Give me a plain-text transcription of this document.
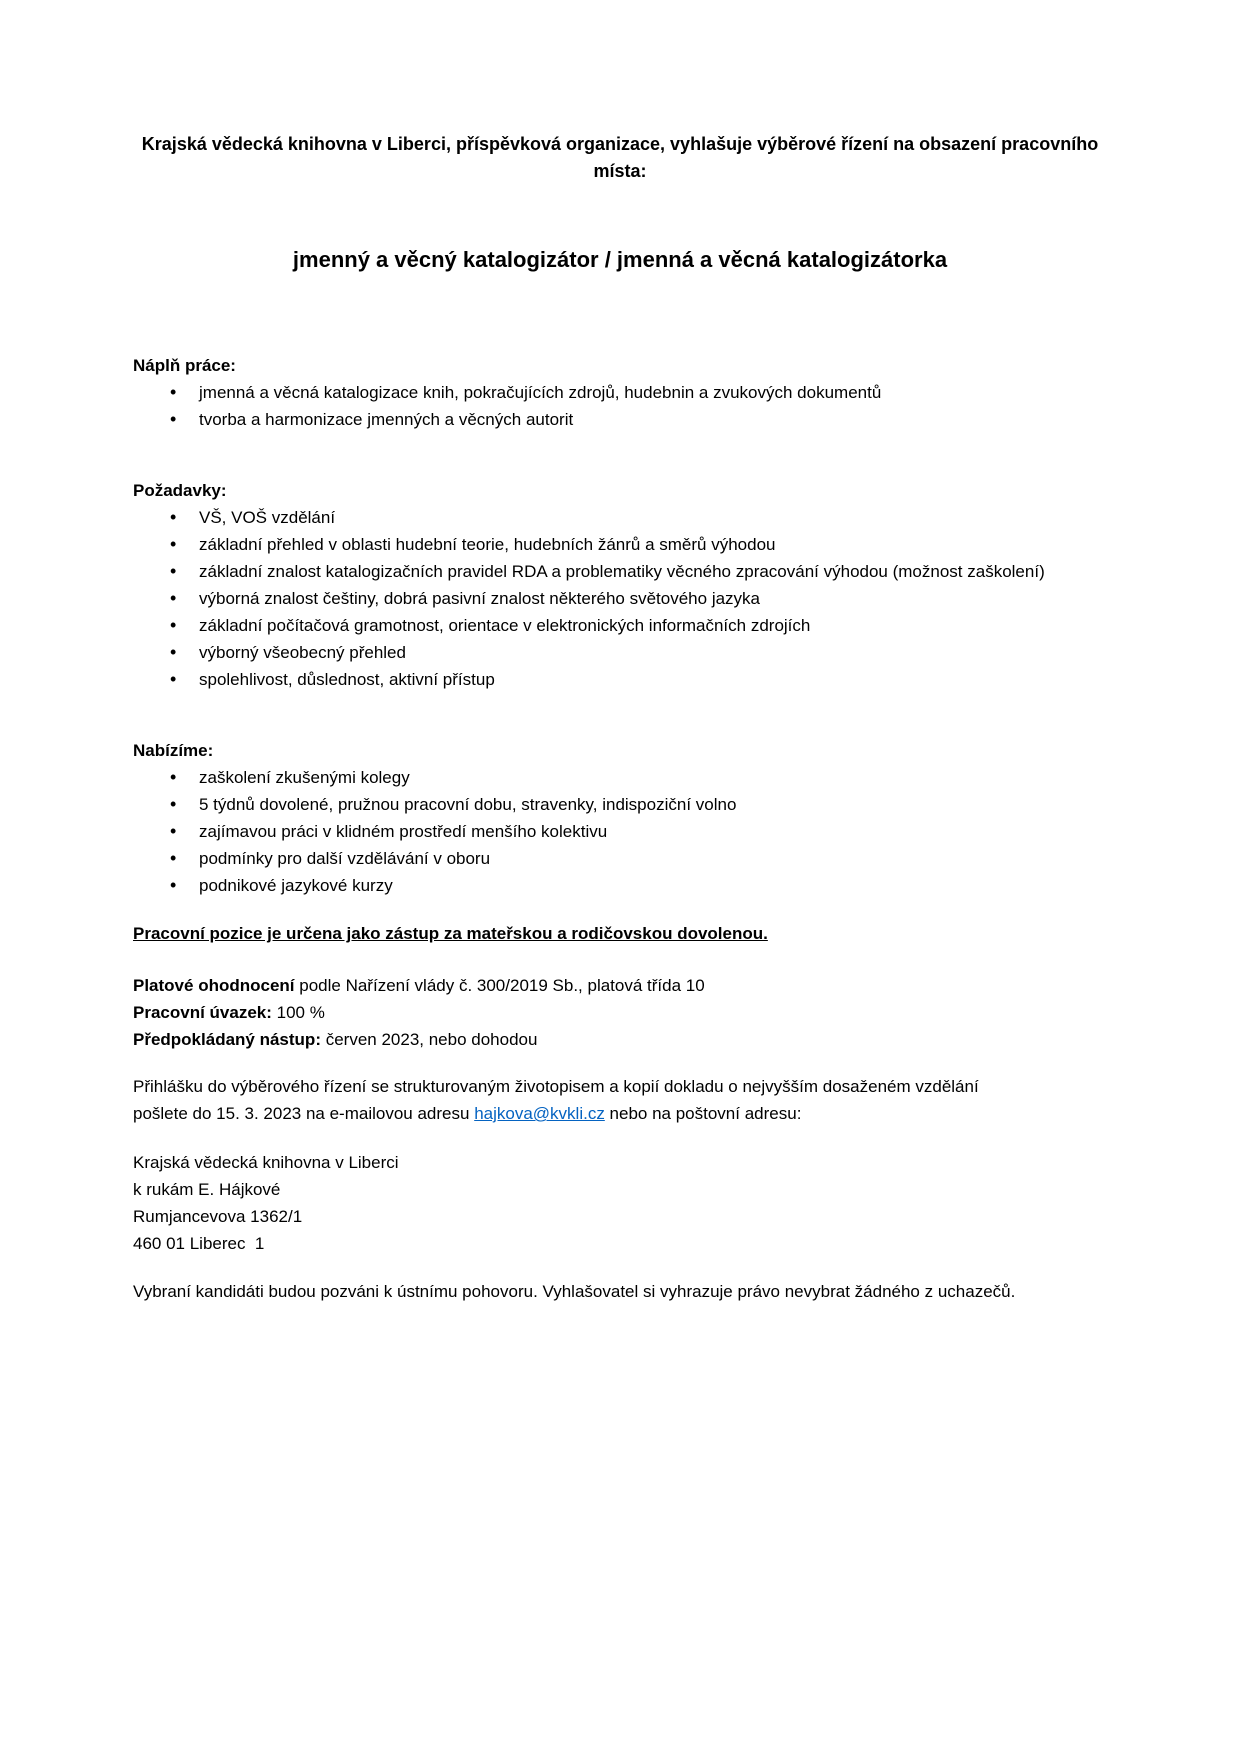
Krajská vědecká knihovna v Liberci, příspěvková organizace, vyhlašuje výběrové řízení na obsazení pracovního místa:

jmenný a věcný katalogizátor / jmenná a věcná katalogizátorka
Náplň práce:
• jmenná a věcná katalogizace knih, pokračujících zdrojů, hudebnin a zvukových dokumentů
• tvorba a harmonizace jmenných a věcných autorit
Požadavky:
• VŠ, VOŠ vzdělání
• základní přehled v oblasti hudební teorie, hudebních žánrů a směrů výhodou
• základní znalost katalogizačních pravidel RDA a problematiky věcného zpracování výhodou (možnost zaškolení)
• výborná znalost češtiny, dobrá pasivní znalost některého světového jazyka
• základní počítačová gramotnost, orientace v elektronických informačních zdrojích
• výborný všeobecný přehled
• spolehlivost, důslednost, aktivní přístup
Nabízíme:
• zaškolení zkušenými kolegy
• 5 týdnů dovolené, pružnou pracovní dobu, stravenky, indispoziční volno
• zajímavou práci v klidném prostředí menšího kolektivu
• podmínky pro další vzdělávání v oboru
• podnikové jazykové kurzy

Pracovní pozice je určena jako zástup za mateřskou a rodičovskou dovolenou.

Platové ohodnocení podle Nařízení vlády č. 300/2019 Sb., platová třída 10

Pracovní úvazek: 100 %

Předpokládaný nástup: červen 2023, nebo dohodou

Přihlášku do výběrového řízení se strukturovaným životopisem a kopií dokladu o nejvyšším dosaženém vzdělání pošlete do 15. 3. 2023 na e-mailovou adresu hajkova@kvkli.cz nebo na poštovní adresu:

Krajská vědecká knihovna v Liberci

k rukám E. Hájkové

Rumjancevova 1362/1

460 01 Liberec  1

Vybraní kandidáti budou pozváni k ústnímu pohovoru. Vyhlašovatel si vyhrazuje právo nevybrat žádného z uchazečů.
